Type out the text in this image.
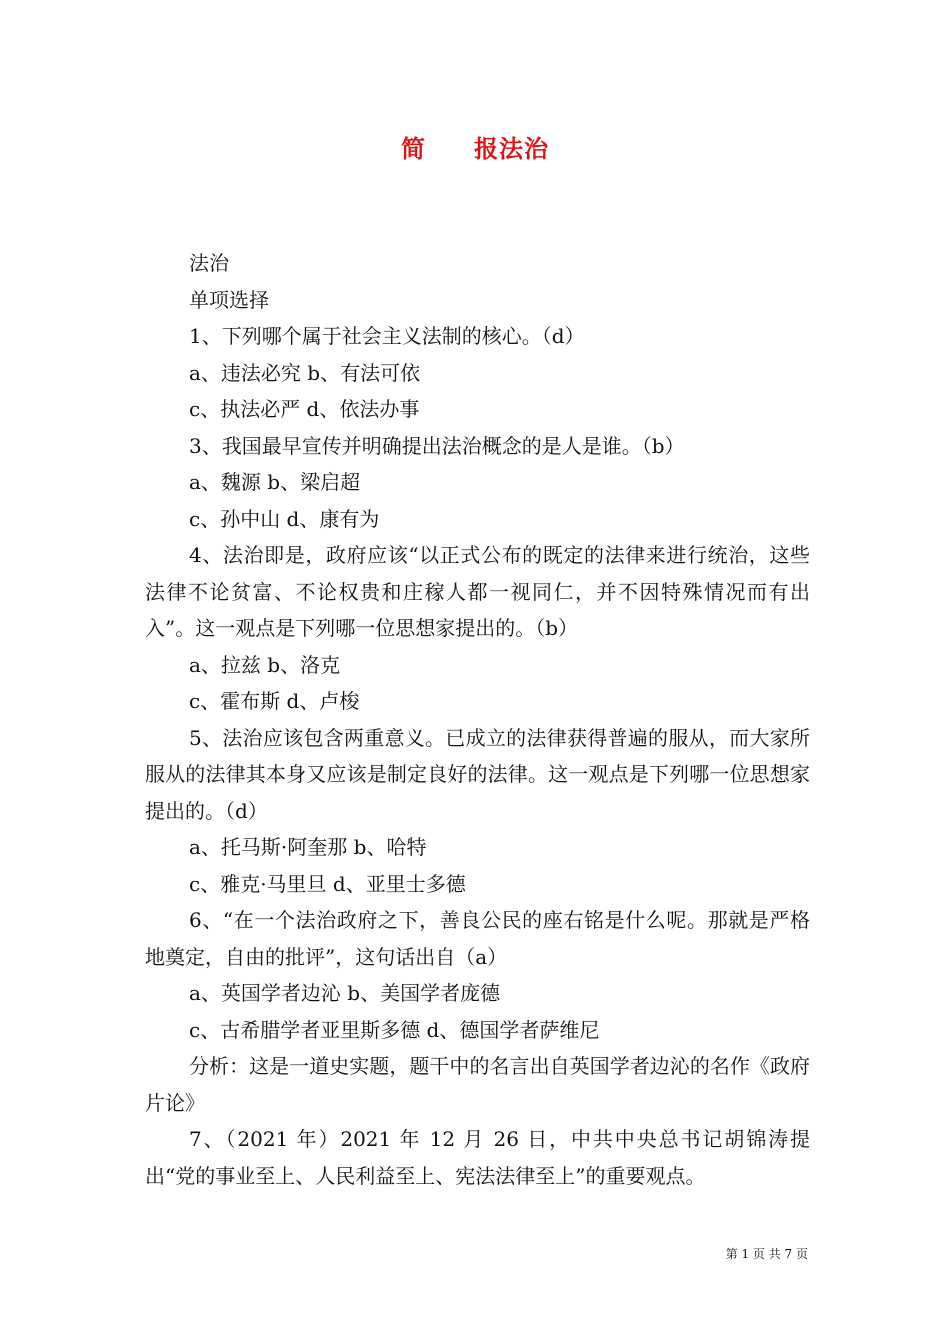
简 报法治

法治

单项选择

1、下列哪个属于社会主义法制的核心。（d）

a、违法必究 b、有法可依

c、执法必严 d、依法办事

3、我国最早宣传并明确提出法治概念的是人是谁。（b）

a、魏源 b、梁启超

c、孙中山 d、康有为

4、法治即是，政府应该“以正式公布的既定的法律来进行统治，这些法律不论贫富、不论权贵和庄稼人都一视同仁，并不因特殊情况而有出入”。这一观点是下列哪一位思想家提出的。（b）

a、拉兹 b、洛克

c、霍布斯 d、卢梭

5、法治应该包含两重意义。已成立的法律获得普遍的服从，而大家所服从的法律其本身又应该是制定良好的法律。这一观点是下列哪一位思想家提出的。（d）

a、托马斯·阿奎那 b、哈特

c、雅克·马里旦 d、亚里士多德

6、“在一个法治政府之下，善良公民的座右铭是什么呢。那就是严格地奠定，自由的批评”，这句话出自（a）

a、英国学者边沁 b、美国学者庞德

c、古希腊学者亚里斯多德 d、德国学者萨维尼

分析：这是一道史实题，题干中的名言出自英国学者边沁的名作《政府片论》

7、（2021 年）2021 年 12 月 26 日，中共中央总书记胡锦涛提出“党的事业至上、人民利益至上、宪法法律至上”的重要观点。

第 1 页 共 7 页
